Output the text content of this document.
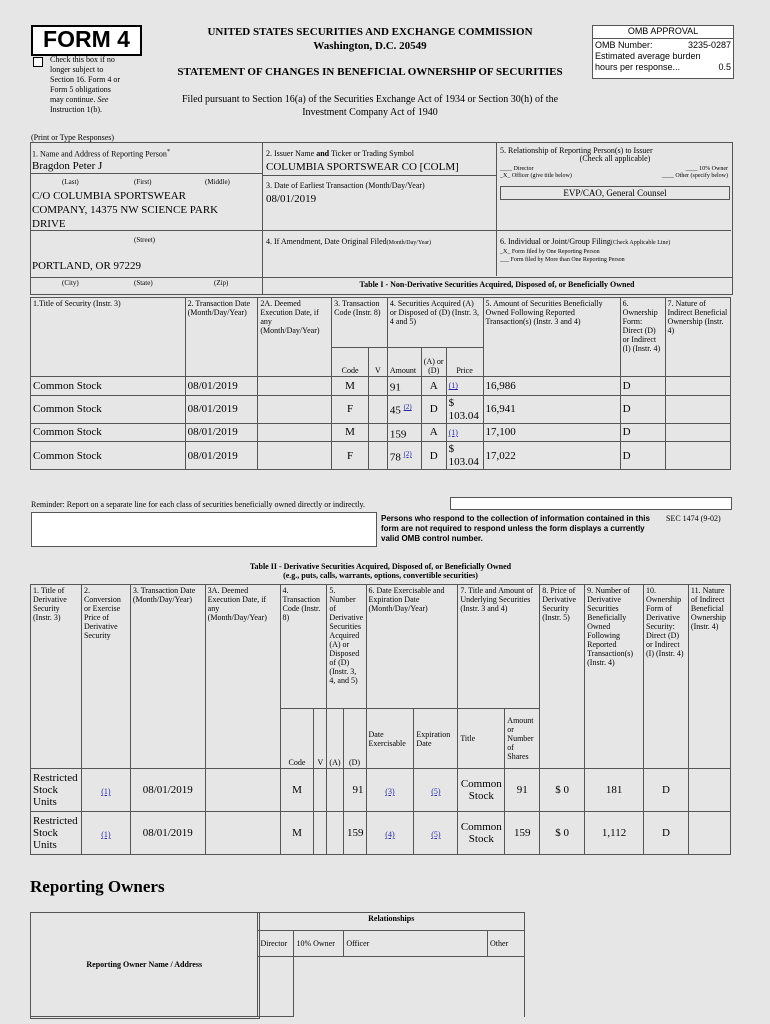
FORM 4
Check this box if no
longer subject to
Section 16. Form 4 or
Form 5 obligations
may continue. See
Instruction 1(b).
UNITED STATES SECURITIES AND EXCHANGE COMMISSION
Washington, D.C. 20549
STATEMENT OF CHANGES IN BENEFICIAL OWNERSHIP OF SECURITIES
Filed pursuant to Section 16(a) of the Securities Exchange Act of 1934 or Section 30(h) of the
Investment Company Act of 1940
OMB APPROVAL
OMB Number:	3235-0287
Estimated average burden
hours per response...	0.5
(Print or Type Responses)
1. Name and Address of Reporting Person*
Bragdon Peter J
(Last)	(First)	(Middle)
C/O COLUMBIA SPORTSWEAR
COMPANY, 14375 NW SCIENCE PARK
DRIVE
(Street)
PORTLAND, OR 97229
2. Issuer Name and Ticker or Trading Symbol
COLUMBIA SPORTSWEAR CO [COLM]
3. Date of Earliest Transaction (Month/Day/Year)
08/01/2019
4. If Amendment, Date Original Filed(Month/Day/Year)
5. Relationship of Reporting Person(s) to Issuer
(Check all applicable)
____ Director	____ 10% Owner
_X_ Officer (give title below)	____ Other (specify below)
EVP/CAO, General Counsel
6. Individual or Joint/Group Filing(Check Applicable Line)
_X_ Form filed by One Reporting Person
___ Form filed by More than One Reporting Person
(City)	(State)	(Zip)	Table I - Non-Derivative Securities Acquired, Disposed of, or Beneficially Owned
1.Title of Security (Instr. 3)	2. Transaction Date (Month/Day/Year)	2A. Deemed Execution Date, if any (Month/Day/Year)	3. Transaction Code (Instr. 8)		4. Securities Acquired (A) or Disposed of (D) (Instr. 3, 4 and 5)			5. Amount of Securities Beneficially Owned Following Reported Transaction(s) (Instr. 3 and 4)	6. Ownership Form: Direct (D) or Indirect (I) (Instr. 4)	7. Nature of Indirect Beneficial Ownership (Instr. 4)
			Code	V	Amount	(A) or (D)	Price			
Common Stock	08/01/2019		M		91	A	(1)	16,986	D	
Common Stock	08/01/2019		F		45 $^{(2)}$	D	$ 103.04	16,941	D	
Common Stock	08/01/2019		M		159	A	(1)	17,100	D	
Common Stock	08/01/2019		F		78 $^{(2)}$	D	$ 103.04	17,022	D	
Reminder: Report on a separate line for each class of securities beneficially owned directly or indirectly.
Persons who respond to the collection of information contained in this form are not required to respond unless the form displays a currently valid OMB control number.
SEC 1474 (9-02)
Table II - Derivative Securities Acquired, Disposed of, or Beneficially Owned
(e.g., puts, calls, warrants, options, convertible securities)
1. Title of Derivative Security (Instr. 3)	2. Conversion or Exercise Price of Derivative Security	3. Transaction Date (Month/Day/Year)	3A. Deemed Execution Date, if any (Month/Day/Year)	4. Transaction Code (Instr. 8)		5. Number of Derivative Securities Acquired (A) or Disposed of (D) (Instr. 3, 4, and 5)		6. Date Exercisable and Expiration Date (Month/Day/Year)		7. Title and Amount of Underlying Securities (Instr. 3 and 4)		8. Price of Derivative Security (Instr. 5)	9. Number of Derivative Securities Beneficially Owned Following Reported Transaction(s) (Instr. 4)	10. Ownership Form of Derivative Security: Direct (D) or Indirect (I) (Instr. 4)	11. Nature of Indirect Beneficial Ownership (Instr. 4)
				Code	V	(A)	(D)	Date Exercisable	Expiration Date	Title	Amount or Number of Shares				
Restricted Stock Units	(1)	08/01/2019		M			91	(3)	(5)	Common Stock	91	$ 0	181	D	
Restricted Stock Units	(1)	08/01/2019		M			159	(4)	(5)	Common Stock	159	$ 0	1,112	D	
Reporting Owners
Reporting Owner Name / Address	Relationships			
	Director	10% Owner	Officer	Other
